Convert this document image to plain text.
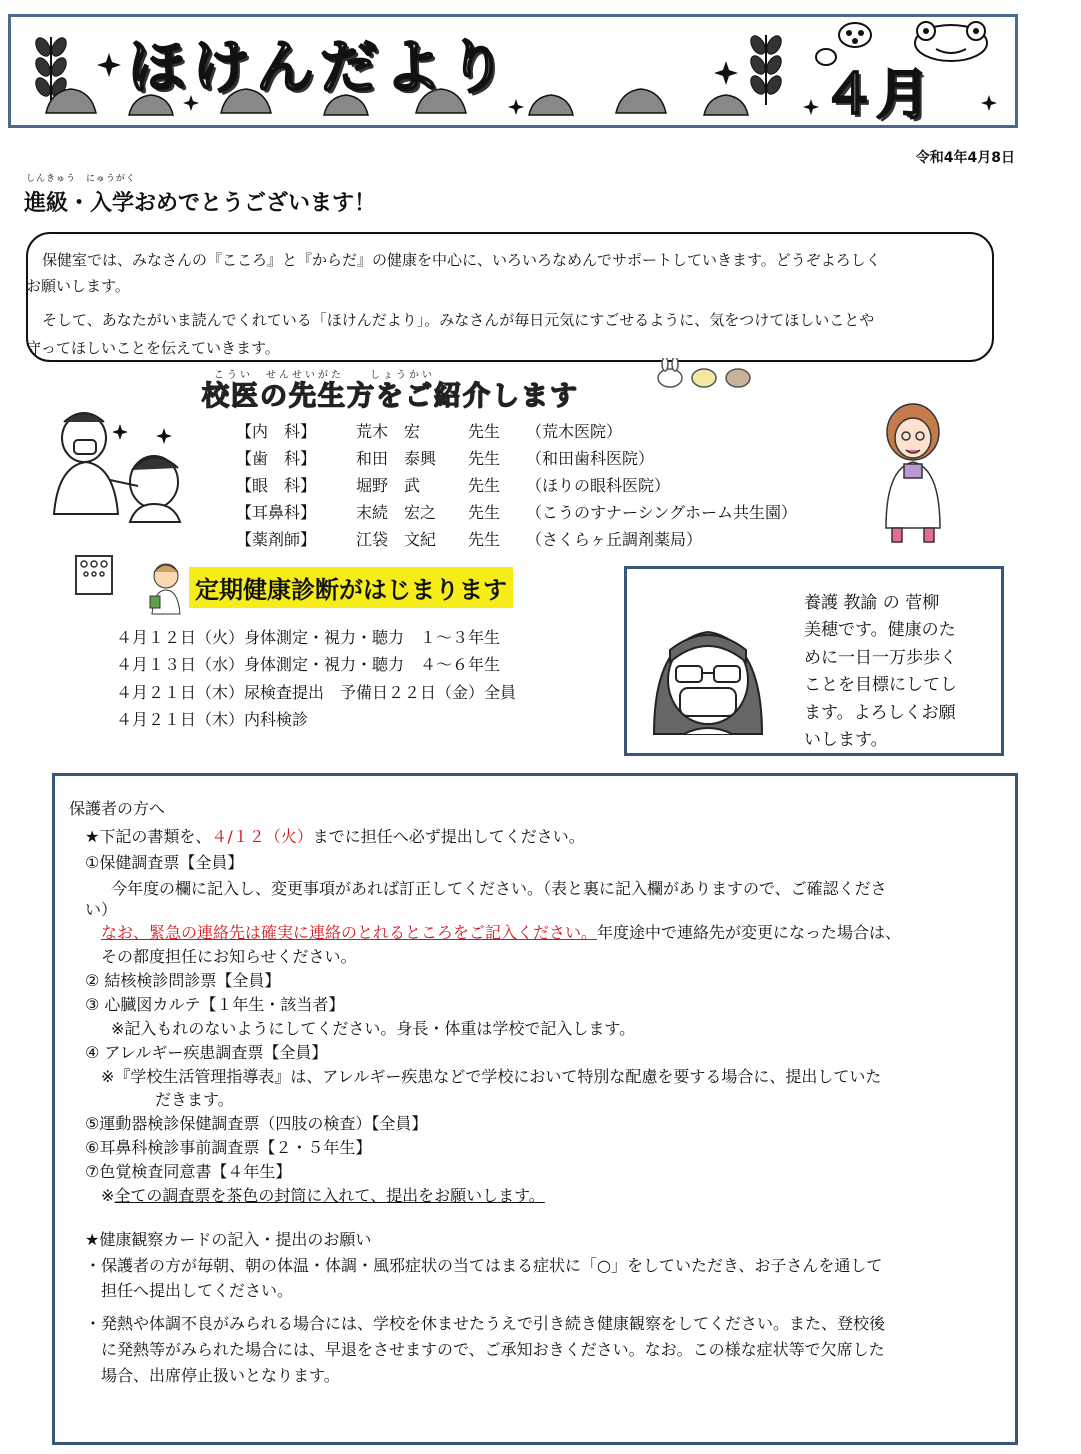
ほけんだより	４月
令和4年4月8日
しんきゅう　にゅうがく
進級・入学おめでとうございます！
保健室では、みなさんの『こころ』と『からだ』の健康を中心に、いろいろなめんでサポートしていきます。どうぞよろしく
お願いします。
そして、あなたがいま読んでくれている「ほけんだより」。みなさんが毎日元気にすごせるように、気をつけてほしいことや
守ってほしいことを伝えていきます。
こうい　せんせいがた　　しょうかい
校医の先生方をご紹介します
【内　科】 荒木　宏	先生 （荒木医院）
【歯　科】 和田　泰興 先生 （和田歯科医院）
【眼　科】 堀野　武	先生 （ほりの眼科医院）
【耳鼻科】 末続　宏之 先生 （こうのすナーシングホーム共生園）
【薬剤師】 江袋　文紀 先生 （さくらヶ丘調剤薬局）
定期健康診断がはじまります
４月１２日（火）身体測定・視力・聴力　１～３年生
４月１３日（水）身体測定・視力・聴力　４～６年生
４月２１日（木）尿検査提出　予備日２２日（金）全員
４月２１日（木）内科検診
養護 教諭 の 菅柳
美穂です。健康のた
めに一日一万歩歩く
ことを目標にしてし
ます。よろしくお願
いします。
保護者の方へ
★下記の書類を、４/１２（火）までに担任へ必ず提出してください。
①保健調査票【全員】
今年度の欄に記入し、変更事項があれば訂正してください。（表と裏に記入欄がありますので、ご確認くださ
い）
なお、緊急の連絡先は確実に連絡のとれるところをご記入ください。年度途中で連絡先が変更になった場合は、
その都度担任にお知らせください。
② 結核検診問診票【全員】
③ 心臓図カルテ【１年生・該当者】
※記入もれのないようにしてください。身長・体重は学校で記入します。
④ アレルギー疾患調査票【全員】
※『学校生活管理指導表』は、アレルギー疾患などで学校において特別な配慮を要する場合に、提出していた
だきます。
⑤運動器検診保健調査票（四肢の検査）【全員】
⑥耳鼻科検診事前調査票【２・５年生】
⑦色覚検査同意書【４年生】
※全ての調査票を茶色の封筒に入れて、提出をお願いします。
★健康観察カードの記入・提出のお願い
・保護者の方が毎朝、朝の体温・体調・風邪症状の当てはまる症状に「○」をしていただき、お子さんを通して
担任へ提出してください。
・発熱や体調不良がみられる場合には、学校を休ませたうえで引き続き健康観察をしてください。また、登校後
に発熱等がみられた場合には、早退をさせますので、ご承知おきください。なお。この様な症状等で欠席した
場合、出席停止扱いとなります。
